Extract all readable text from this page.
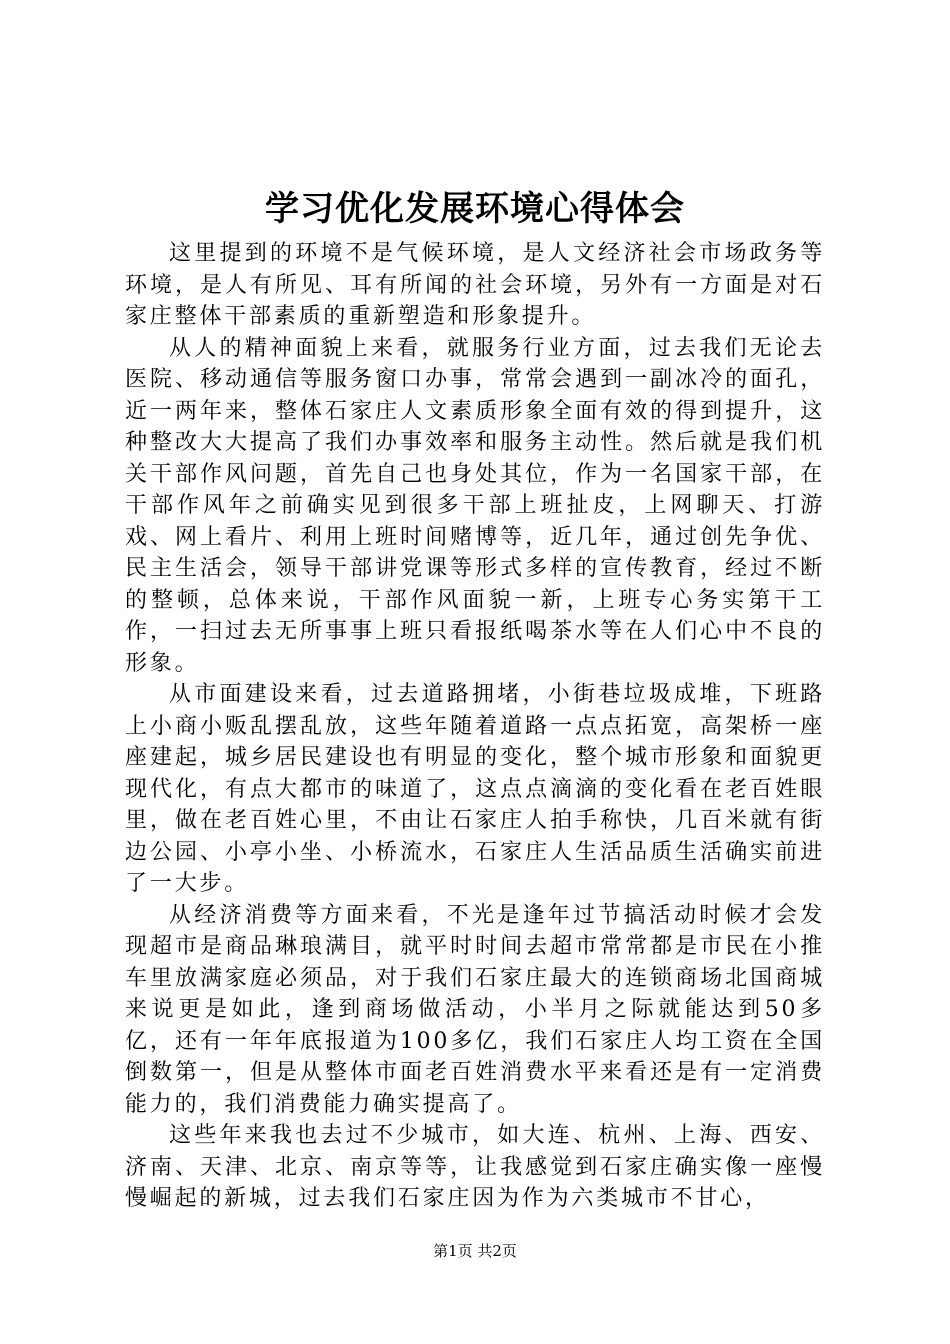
学习优化发展环境心得体会

这里提到的环境不是气候环境，是人文经济社会市场政务等环境，是人有所见、耳有所闻的社会环境，另外有一方面是对石家庄整体干部素质的重新塑造和形象提升。

从人的精神面貌上来看，就服务行业方面，过去我们无论去医院、移动通信等服务窗口办事，常常会遇到一副冰冷的面孔，近一两年来，整体石家庄人文素质形象全面有效的得到提升，这种整改大大提高了我们办事效率和服务主动性。然后就是我们机关干部作风问题，首先自己也身处其位，作为一名国家干部，在干部作风年之前确实见到很多干部上班扯皮，上网聊天、打游戏、网上看片、利用上班时间赌博等，近几年，通过创先争优、民主生活会，领导干部讲党课等形式多样的宣传教育，经过不断的整顿，总体来说，干部作风面貌一新，上班专心务实第干工作，一扫过去无所事事上班只看报纸喝茶水等在人们心中不良的形象。

从市面建设来看，过去道路拥堵，小街巷垃圾成堆，下班路上小商小贩乱摆乱放，这些年随着道路一点点拓宽，高架桥一座座建起，城乡居民建设也有明显的变化，整个城市形象和面貌更现代化，有点大都市的味道了，这点点滴滴的变化看在老百姓眼里，做在老百姓心里，不由让石家庄人拍手称快，几百米就有街边公园、小亭小坐、小桥流水，石家庄人生活品质生活确实前进了一大步。

从经济消费等方面来看，不光是逢年过节搞活动时候才会发现超市是商品琳琅满目，就平时时间去超市常常都是市民在小推车里放满家庭必须品，对于我们石家庄最大的连锁商场北国商城来说更是如此，逢到商场做活动，小半月之际就能达到50多亿，还有一年年底报道为100多亿，我们石家庄人均工资在全国倒数第一，但是从整体市面老百姓消费水平来看还是有一定消费能力的，我们消费能力确实提高了。

这些年来我也去过不少城市，如大连、杭州、上海、西安、济南、天津、北京、南京等等，让我感觉到石家庄确实像一座慢慢崛起的新城，过去我们石家庄因为作为六类城市不甘心，

第1页 共2页
